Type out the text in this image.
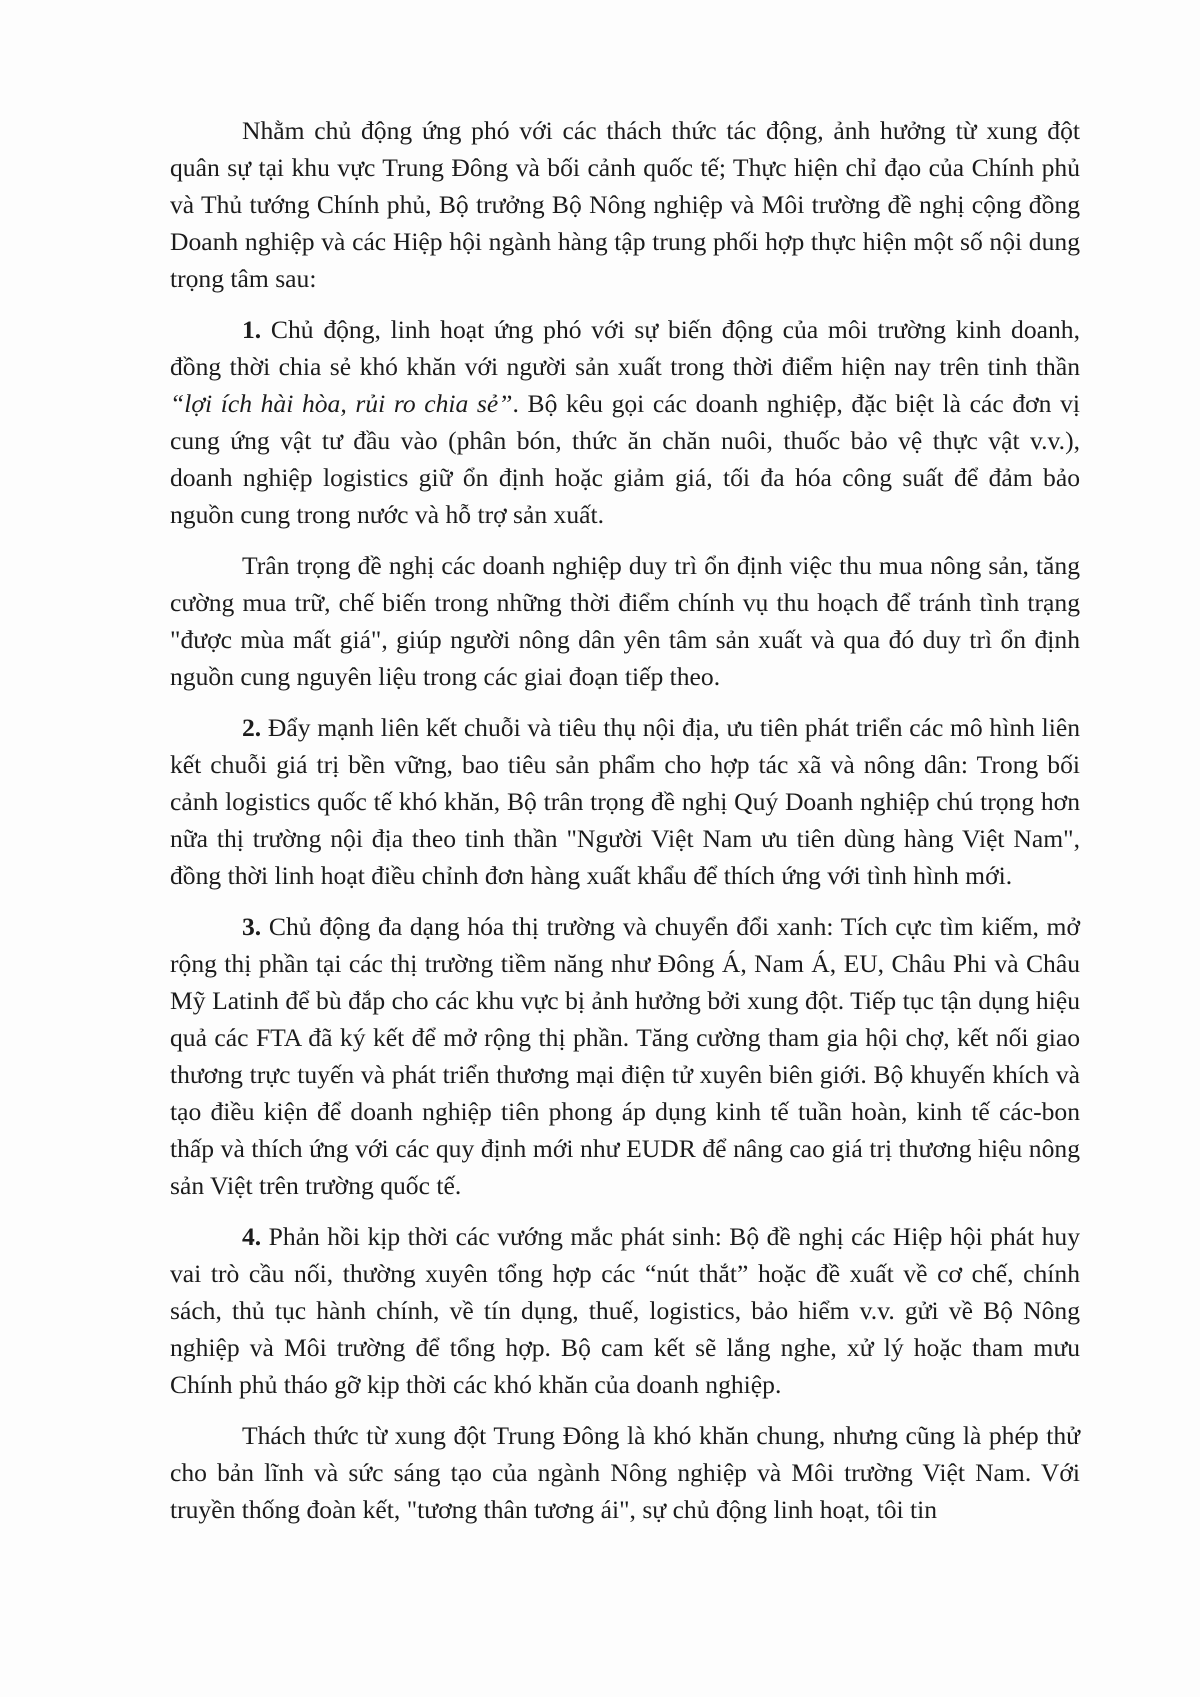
Nhằm chủ động ứng phó với các thách thức tác động, ảnh hưởng từ xung đột quân sự tại khu vực Trung Đông và bối cảnh quốc tế; Thực hiện chỉ đạo của Chính phủ và Thủ tướng Chính phủ, Bộ trưởng Bộ Nông nghiệp và Môi trường đề nghị cộng đồng Doanh nghiệp và các Hiệp hội ngành hàng tập trung phối hợp thực hiện một số nội dung trọng tâm sau:

1. Chủ động, linh hoạt ứng phó với sự biến động của môi trường kinh doanh, đồng thời chia sẻ khó khăn với người sản xuất trong thời điểm hiện nay trên tinh thần “lợi ích hài hòa, rủi ro chia sẻ”. Bộ kêu gọi các doanh nghiệp, đặc biệt là các đơn vị cung ứng vật tư đầu vào (phân bón, thức ăn chăn nuôi, thuốc bảo vệ thực vật v.v.), doanh nghiệp logistics giữ ổn định hoặc giảm giá, tối đa hóa công suất để đảm bảo nguồn cung trong nước và hỗ trợ sản xuất.

Trân trọng đề nghị các doanh nghiệp duy trì ổn định việc thu mua nông sản, tăng cường mua trữ, chế biến trong những thời điểm chính vụ thu hoạch để tránh tình trạng "được mùa mất giá", giúp người nông dân yên tâm sản xuất và qua đó duy trì ổn định nguồn cung nguyên liệu trong các giai đoạn tiếp theo.

2. Đẩy mạnh liên kết chuỗi và tiêu thụ nội địa, ưu tiên phát triển các mô hình liên kết chuỗi giá trị bền vững, bao tiêu sản phẩm cho hợp tác xã và nông dân: Trong bối cảnh logistics quốc tế khó khăn, Bộ trân trọng đề nghị Quý Doanh nghiệp chú trọng hơn nữa thị trường nội địa theo tinh thần "Người Việt Nam ưu tiên dùng hàng Việt Nam", đồng thời linh hoạt điều chỉnh đơn hàng xuất khẩu để thích ứng với tình hình mới.

3. Chủ động đa dạng hóa thị trường và chuyển đổi xanh: Tích cực tìm kiếm, mở rộng thị phần tại các thị trường tiềm năng như Đông Á, Nam Á, EU, Châu Phi và Châu Mỹ Latinh để bù đắp cho các khu vực bị ảnh hưởng bởi xung đột. Tiếp tục tận dụng hiệu quả các FTA đã ký kết để mở rộng thị phần. Tăng cường tham gia hội chợ, kết nối giao thương trực tuyến và phát triển thương mại điện tử xuyên biên giới. Bộ khuyến khích và tạo điều kiện để doanh nghiệp tiên phong áp dụng kinh tế tuần hoàn, kinh tế các-bon thấp và thích ứng với các quy định mới như EUDR để nâng cao giá trị thương hiệu nông sản Việt trên trường quốc tế.

4. Phản hồi kịp thời các vướng mắc phát sinh: Bộ đề nghị các Hiệp hội phát huy vai trò cầu nối, thường xuyên tổng hợp các “nút thắt” hoặc đề xuất về cơ chế, chính sách, thủ tục hành chính, về tín dụng, thuế, logistics, bảo hiểm v.v. gửi về Bộ Nông nghiệp và Môi trường để tổng hợp. Bộ cam kết sẽ lắng nghe, xử lý hoặc tham mưu Chính phủ tháo gỡ kịp thời các khó khăn của doanh nghiệp.

Thách thức từ xung đột Trung Đông là khó khăn chung, nhưng cũng là phép thử cho bản lĩnh và sức sáng tạo của ngành Nông nghiệp và Môi trường Việt Nam. Với truyền thống đoàn kết, "tương thân tương ái", sự chủ động linh hoạt, tôi tin
